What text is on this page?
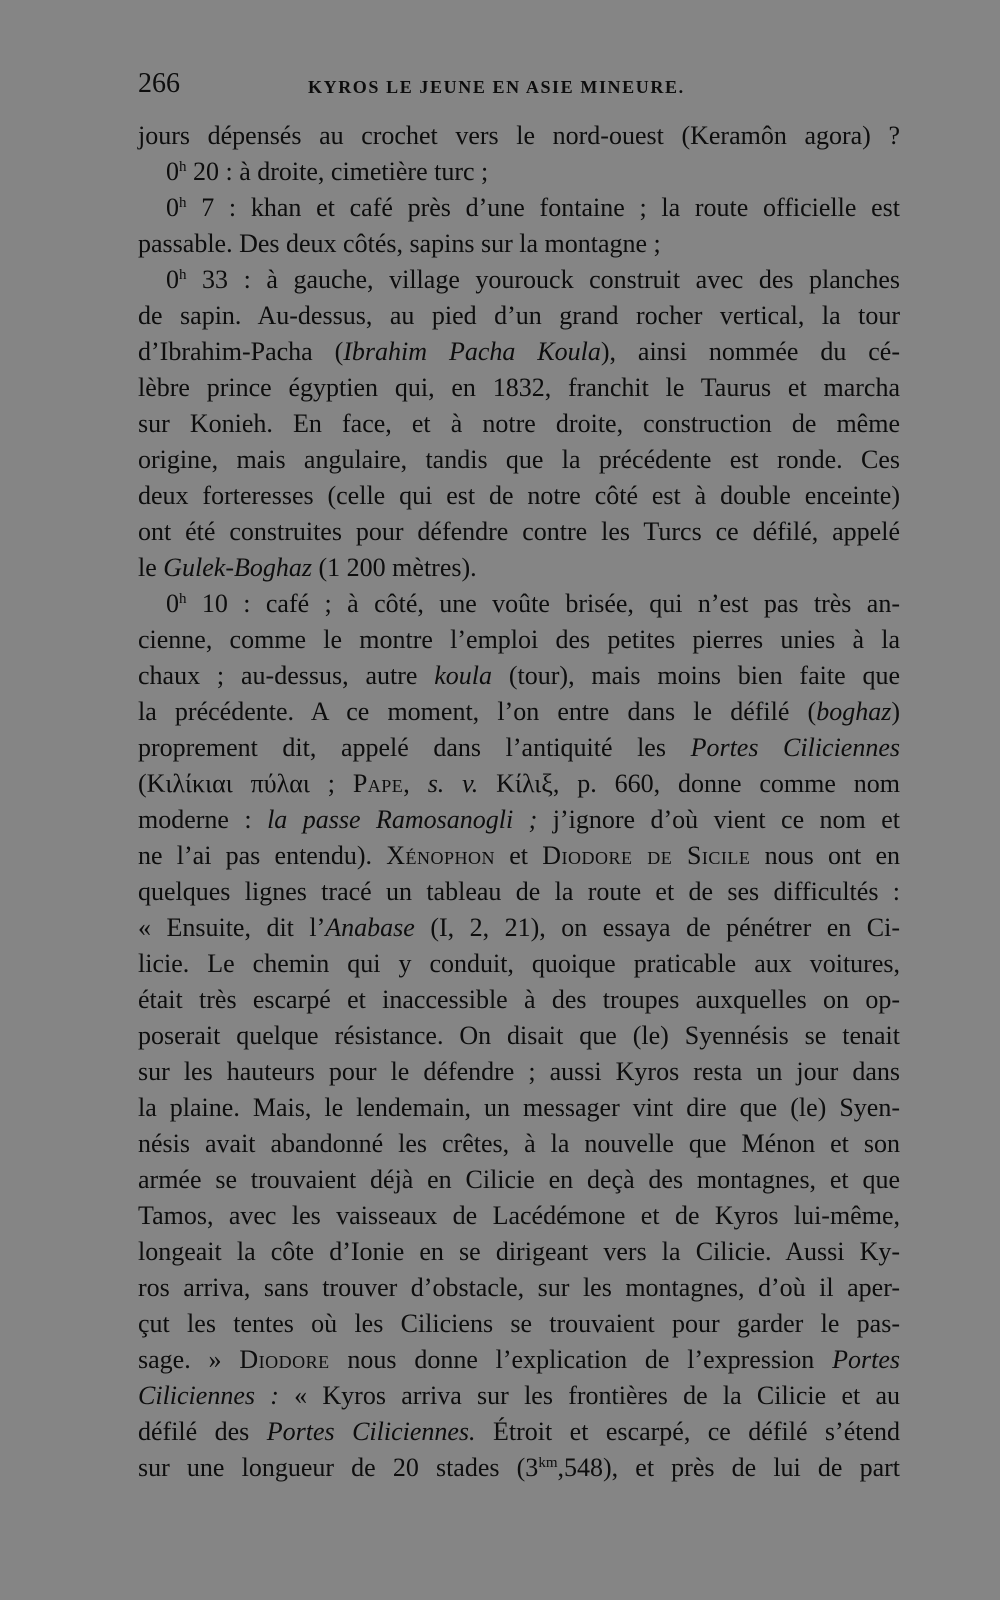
266	KYROS LE JEUNE EN ASIE MINEURE.
jours dépensés au crochet vers le nord-ouest (Keramôn agora) ?
0$^h$ 20 : à droite, cimetière turc ;
0$^h$ 7 : khan et café près d’une fontaine ; la route officielle est
passable. Des deux côtés, sapins sur la montagne ;
0$^h$ 33 : à gauche, village yourouck construit avec des planches
de sapin. Au-dessus, au pied d’un grand rocher vertical, la tour
d’Ibrahim-Pacha (Ibrahim Pacha Koula), ainsi nommée du cé-
lèbre prince égyptien qui, en 1832, franchit le Taurus et marcha
sur Konieh. En face, et à notre droite, construction de même
origine, mais angulaire, tandis que la précédente est ronde. Ces
deux forteresses (celle qui est de notre côté est à double enceinte)
ont été construites pour défendre contre les Turcs ce défilé, appelé
le Gulek-Boghaz (1 200 mètres).
0$^h$ 10 : café ; à côté, une voûte brisée, qui n’est pas très an-
cienne, comme le montre l’emploi des petites pierres unies à la
chaux ; au-dessus, autre koula (tour), mais moins bien faite que
la précédente. A ce moment, l’on entre dans le défilé (boghaz)
proprement dit, appelé dans l’antiquité les Portes Ciliciennes
(Κιλίκιαι πύλαι ; Pape, s. v. Κίλιξ, p. 660, donne comme nom
moderne : la passe Ramosanogli ; j’ignore d’où vient ce nom et
ne l’ai pas entendu). Xénophon et Diodore de Sicile nous ont en
quelques lignes tracé un tableau de la route et de ses difficultés :
« Ensuite, dit l’Anabase (I, 2, 21), on essaya de pénétrer en Ci-
licie. Le chemin qui y conduit, quoique praticable aux voitures,
était très escarpé et inaccessible à des troupes auxquelles on op-
poserait quelque résistance. On disait que (le) Syennésis se tenait
sur les hauteurs pour le défendre ; aussi Kyros resta un jour dans
la plaine. Mais, le lendemain, un messager vint dire que (le) Syen-
nésis avait abandonné les crêtes, à la nouvelle que Ménon et son
armée se trouvaient déjà en Cilicie en deçà des montagnes, et que
Tamos, avec les vaisseaux de Lacédémone et de Kyros lui-même,
longeait la côte d’Ionie en se dirigeant vers la Cilicie. Aussi Ky-
ros arriva, sans trouver d’obstacle, sur les montagnes, d’où il aper-
çut les tentes où les Ciliciens se trouvaient pour garder le pas-
sage. » Diodore nous donne l’explication de l’expression Portes
Ciliciennes : « Kyros arriva sur les frontières de la Cilicie et au
défilé des Portes Ciliciennes. Étroit et escarpé, ce défilé s’étend
sur une longueur de 20 stades $(3^{km},548)$, et près de lui de part
